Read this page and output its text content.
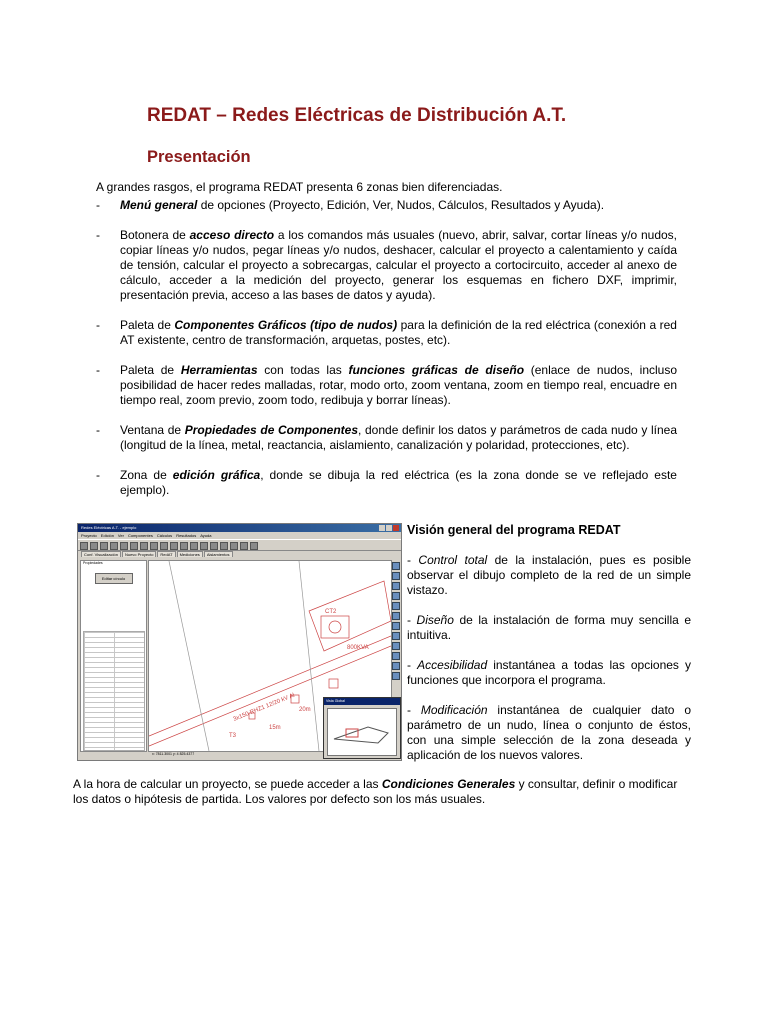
REDAT – Redes Eléctricas de Distribución A.T.
Presentación

A grandes rasgos, el programa REDAT presenta 6 zonas bien diferenciadas.

- Menú general de opciones (Proyecto, Edición, Ver, Nudos, Cálculos, Resultados y Ayuda).
- Botonera de acceso directo a los comandos más usuales (nuevo, abrir, salvar, cortar líneas y/o nudos, copiar líneas y/o nudos, pegar líneas y/o nudos, deshacer, calcular el proyecto a calentamiento y caída de tensión, calcular el proyecto a sobrecargas, calcular el proyecto a cortocircuito, acceder al anexo de cálculo, acceder a la medición del proyecto, generar los esquemas en fichero DXF, imprimir, presentación previa, acceso a las bases de datos y ayuda).
- Paleta de Componentes Gráficos (tipo de nudos) para la definición de la red eléctrica (conexión a red AT existente, centro de transformación, arquetas, postes, etc).
- Paleta de Herramientas con todas las funciones gráficas de diseño (enlace de nudos, incluso posibilidad de hacer redes malladas, rotar, modo orto, zoom ventana, zoom en tiempo real, encuadre en tiempo real, zoom previo, zoom todo, redibuja y borrar líneas).
- Ventana de Propiedades de Componentes, donde definir los datos y parámetros de cada nudo y línea (longitud de la línea, metal, reactancia, aislamiento, canalización y polaridad, protecciones, etc).
- Zona de edición gráfica, donde se dibuja la red eléctrica (es la zona donde se ve reflejado este ejemplo).
Redes Eléctricas A.T. - ejemplo
Proyecto Edición Ver Componentes Cálculos Resultados Ayuda
Conf. Visualización Nuevo Proyecto RedAT Mediciones Aislamientos
Propiedades
Editar círculo
CT2
800KVA
3x150 RHZ1 12/20 kV Al
T3
15m
20m
x: 7811.3001 y: 4 825.4377
Vista Global
Visión general del programa REDAT
- Control total de la instalación, pues es posible observar el dibujo completo de la red de un simple vistazo.
- Diseño de la instalación de forma muy sencilla e intuitiva.
- Accesibilidad instantánea a todas las opciones y funciones que incorpora el programa.
- Modificación instantánea de cualquier dato o parámetro de un nudo, línea o conjunto de éstos, con una simple selección de la zona deseada y aplicación de los nuevos valores.

A la hora de calcular un proyecto, se puede acceder a las Condiciones Generales y consultar, definir o modificar los datos o hipótesis de partida. Los valores por defecto son los más usuales.
